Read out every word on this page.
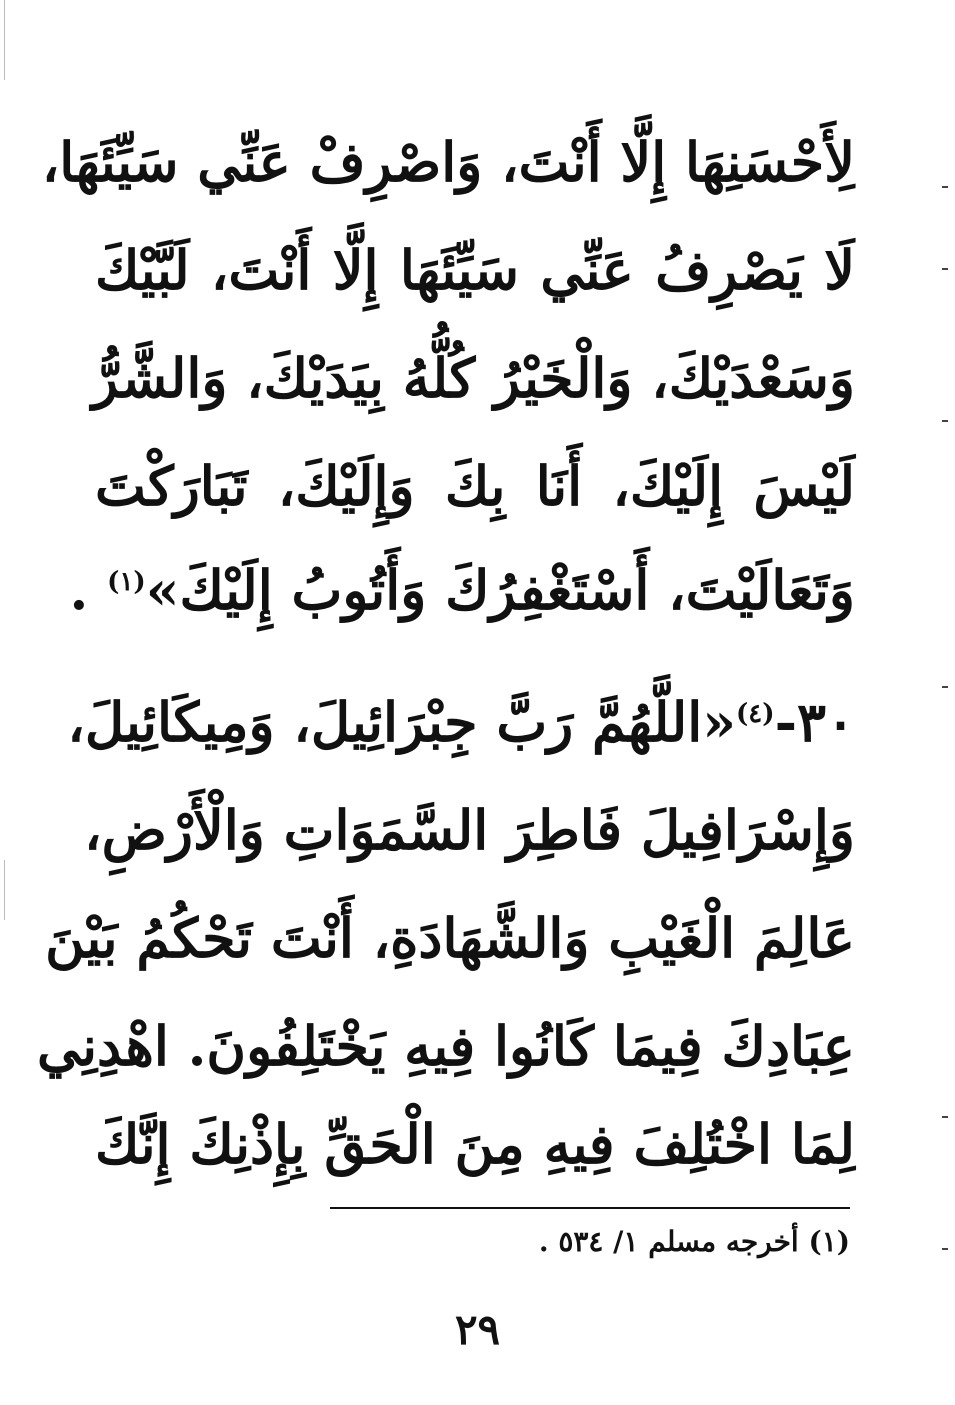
لِأَحْسَنِهَا إِلَّا أَنْتَ، وَاصْرِفْ عَنِّي سَيِّئَهَا،
لَا يَصْرِفُ عَنِّي سَيِّئَهَا إِلَّا أَنْتَ، لَبَّيْكَ
وَسَعْدَيْكَ، وَالْخَيْرُ كُلُّهُ بِيَدَيْكَ، وَالشَّرُّ
لَيْسَ إِلَيْكَ، أَنَا بِكَ وَإِلَيْكَ، تَبَارَكْتَ
وَتَعَالَيْتَ، أَسْتَغْفِرُكَ وَأَتُوبُ إِلَيْكَ»$^{(١)}$ .
٣٠-$^{(٤)}$«اللَّهُمَّ رَبَّ جِبْرَائِيلَ، وَمِيكَائِيلَ،
وَإِسْرَافِيلَ فَاطِرَ السَّمَوَاتِ وَالْأَرْضِ،
عَالِمَ الْغَيْبِ وَالشَّهَادَةِ، أَنْتَ تَحْكُمُ بَيْنَ
عِبَادِكَ فِيمَا كَانُوا فِيهِ يَخْتَلِفُونَ. اهْدِنِي
لِمَا اخْتُلِفَ فِيهِ مِنَ الْحَقِّ بِإِذْنِكَ إِنَّكَ
(١) أخرجه مسلم ١/ ٥٣٤ .
٢٩
